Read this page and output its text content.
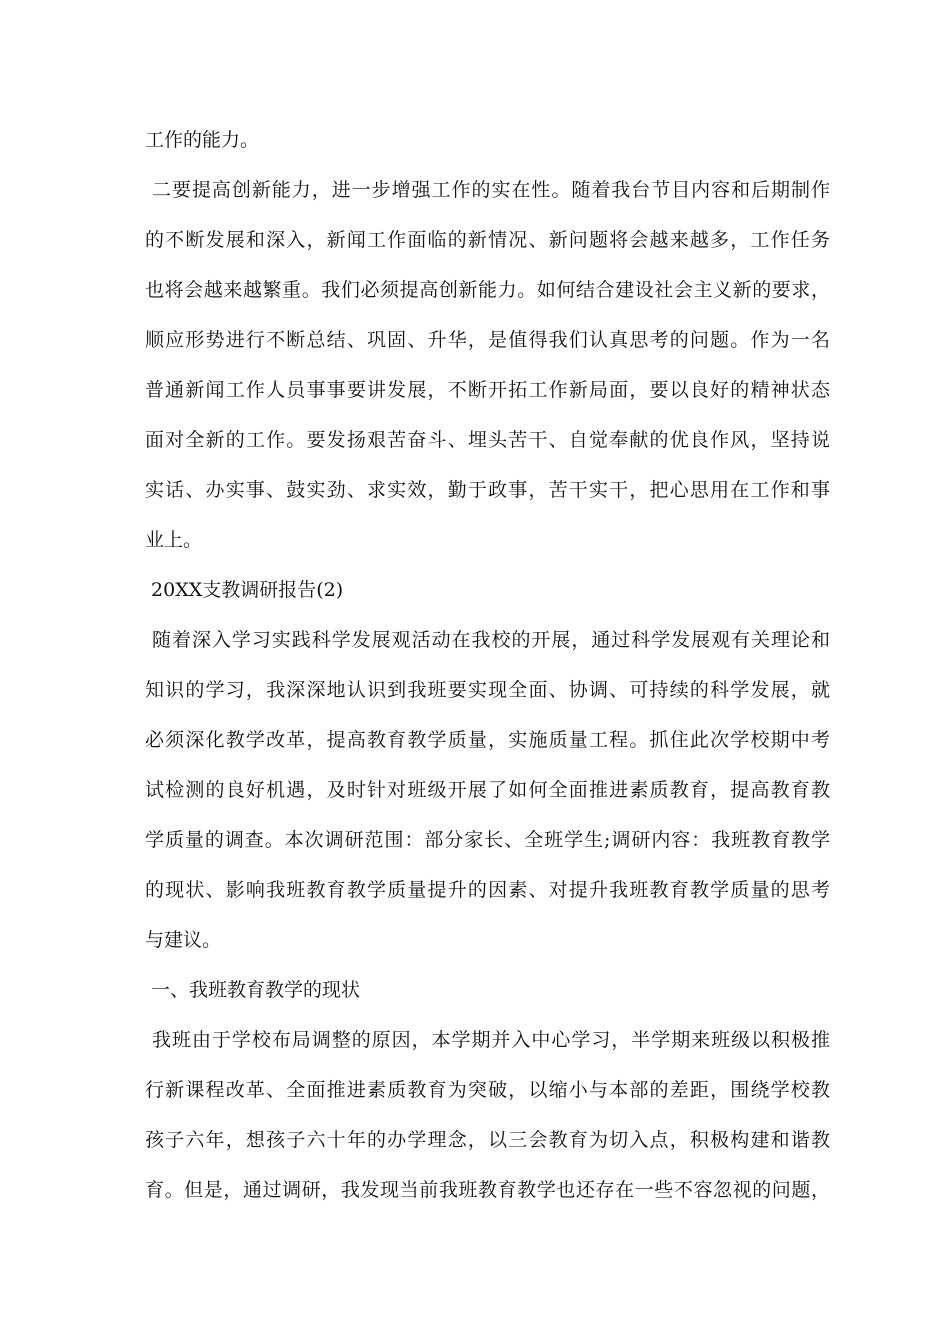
工作的能力。
二要提高创新能力，进一步增强工作的实在性。随着我台节目内容和后期制作
的不断发展和深入，新闻工作面临的新情况、新问题将会越来越多，工作任务
也将会越来越繁重。我们必须提高创新能力。如何结合建设社会主义新的要求，
顺应形势进行不断总结、巩固、升华，是值得我们认真思考的问题。作为一名
普通新闻工作人员事事要讲发展，不断开拓工作新局面，要以良好的精神状态
面对全新的工作。要发扬艰苦奋斗、埋头苦干、自觉奉献的优良作风，坚持说
实话、办实事、鼓实劲、求实效，勤于政事，苦干实干，把心思用在工作和事
业上。
20XX支教调研报告(2)
随着深入学习实践科学发展观活动在我校的开展，通过科学发展观有关理论和
知识的学习，我深深地认识到我班要实现全面、协调、可持续的科学发展，就
必须深化教学改革，提高教育教学质量，实施质量工程。抓住此次学校期中考
试检测的良好机遇，及时针对班级开展了如何全面推进素质教育，提高教育教
学质量的调查。本次调研范围：部分家长、全班学生;调研内容：我班教育教学
的现状、影响我班教育教学质量提升的因素、对提升我班教育教学质量的思考
与建议。
一、我班教育教学的现状
我班由于学校布局调整的原因，本学期并入中心学习，半学期来班级以积极推
行新课程改革、全面推进素质教育为突破，以缩小与本部的差距，围绕学校教
孩子六年，想孩子六十年的办学理念，以三会教育为切入点，积极构建和谐教
育。但是，通过调研，我发现当前我班教育教学也还存在一些不容忽视的问题，
